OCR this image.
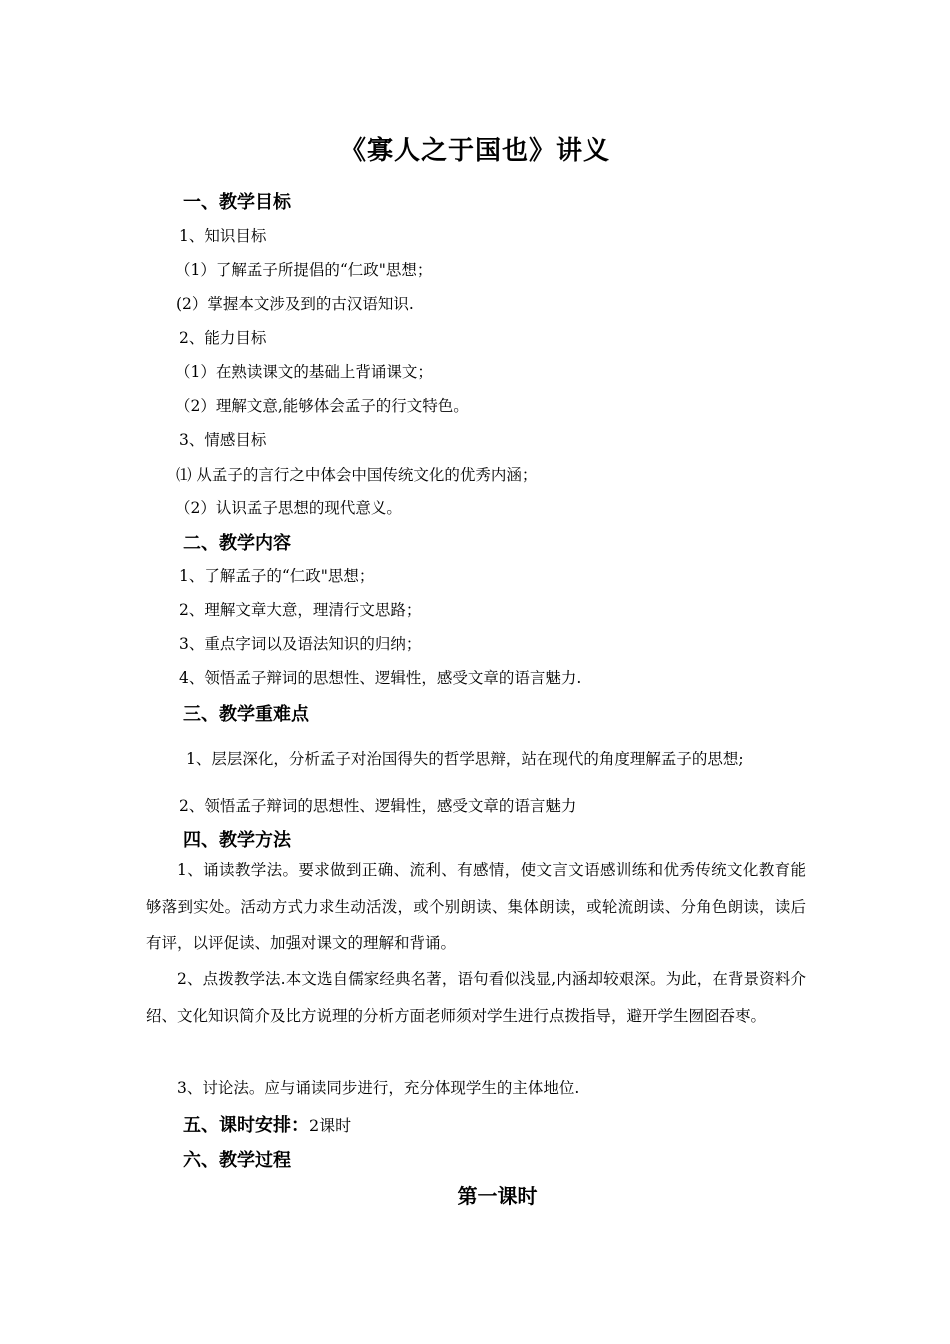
《寡人之于国也》讲义
一、教学目标
1、知识目标
（1）了解孟子所提倡的“仁政"思想；
(2）掌握本文涉及到的古汉语知识.
2、能力目标
（1）在熟读课文的基础上背诵课文；
（2）理解文意,能够体会孟子的行文特色。
3、情感目标
⑴ 从孟子的言行之中体会中国传统文化的优秀内涵；
（2）认识孟子思想的现代意义。
二、教学内容
1、了解孟子的“仁政"思想；
2、理解文章大意，理清行文思路；
3、重点字词以及语法知识的归纳；
4、领悟孟子辩词的思想性、逻辑性，感受文章的语言魅力.
三、教学重难点
1、层层深化，分析孟子对治国得失的哲学思辩，站在现代的角度理解孟子的思想;
2、领悟孟子辩词的思想性、逻辑性，感受文章的语言魅力
四、教学方法
1、诵读教学法。要求做到正确、流利、有感情，使文言文语感训练和优秀传统文化教育能够落到实处。活动方式力求生动活泼，或个别朗读、集体朗读，或轮流朗读、分角色朗读，读后有评，以评促读、加强对课文的理解和背诵。
2、点拨教学法.本文选自儒家经典名著，语句看似浅显,内涵却较艰深。为此，在背景资料介绍、文化知识简介及比方说理的分析方面老师须对学生进行点拨指导，避开学生囫囵吞枣。
3、讨论法。应与诵读同步进行，充分体现学生的主体地位.
五、课时安排：2课时
六、教学过程
第一课时
